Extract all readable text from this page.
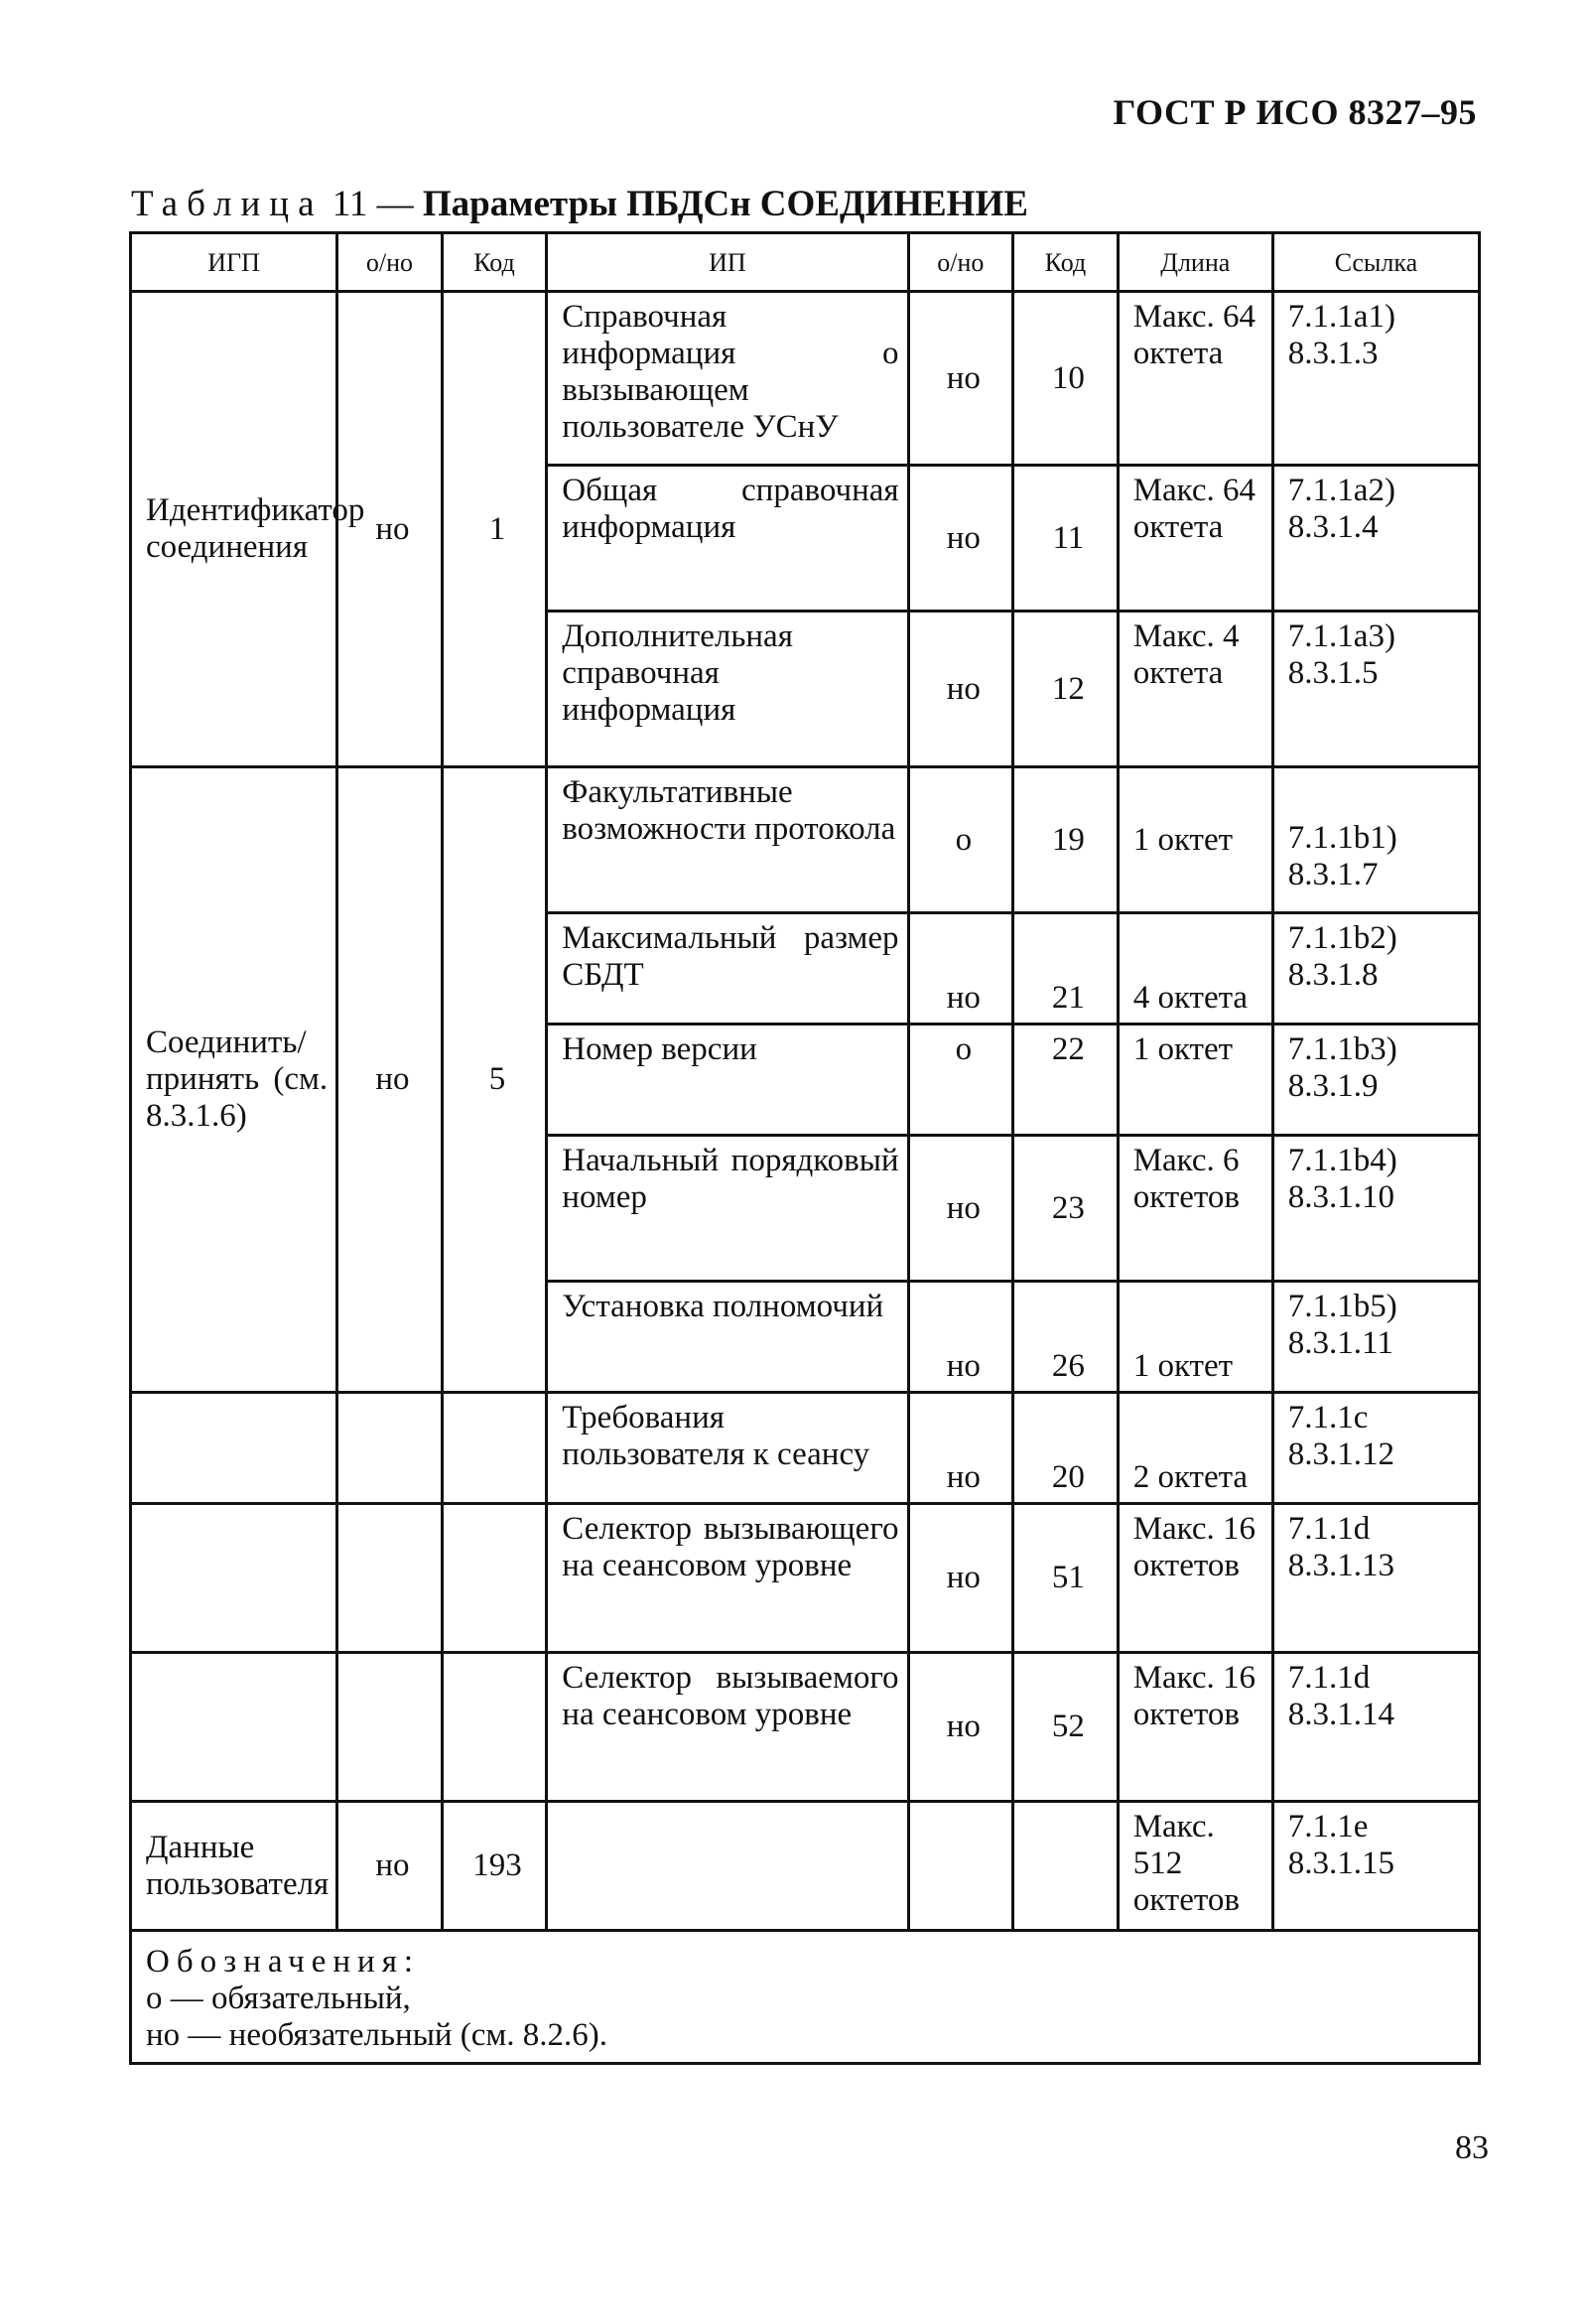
ГОСТ Р ИСО 8327–95
Таблица 11 — Параметры ПБДСн СОЕДИНЕНИЕ
ИГП	о/но	Код	ИП	о/но	Код	Длина	Ссылка
Идентификатор соединения	но	1	Справочная информация о вызывающем пользователе УСнУ	но	10	Макс. 64 октета	7.1.1a1)
8.3.1.3
			Общая справочная информация	но	11	Макс. 64 октета	7.1.1a2)
8.3.1.4
			Дополнительная справочная информация	но	12	Макс. 4 октета	7.1.1a3)
8.3.1.5
Соединить/принять (см. 8.3.1.6)	но	5	Факультативные возможности протокола	о	19	1 октет	7.1.1b1)
8.3.1.7
			Максимальный размер СБДТ	но	21	4 октета	7.1.1b2)
8.3.1.8
			Номер версии	о	22	1 октет	7.1.1b3)
8.3.1.9
			Начальный порядковый номер	но	23	Макс. 6 октетов	7.1.1b4)
8.3.1.10
			Установка полномочий	но	26	1 октет	7.1.1b5)
8.3.1.11
			Требования пользователя к сеансу	но	20	2 октета	7.1.1c
8.3.1.12
			Селектор вызывающего на сеансовом уровне	но	51	Макс. 16 октетов	7.1.1d
8.3.1.13
			Селектор вызываемого на сеансовом уровне	но	52	Макс. 16 октетов	7.1.1d
8.3.1.14
Данные пользователя	но	193				Макс. 512 октетов	7.1.1e
8.3.1.15
Обозначения:
о — обязательный,
но — необязательный (см. 8.2.6).							
83
